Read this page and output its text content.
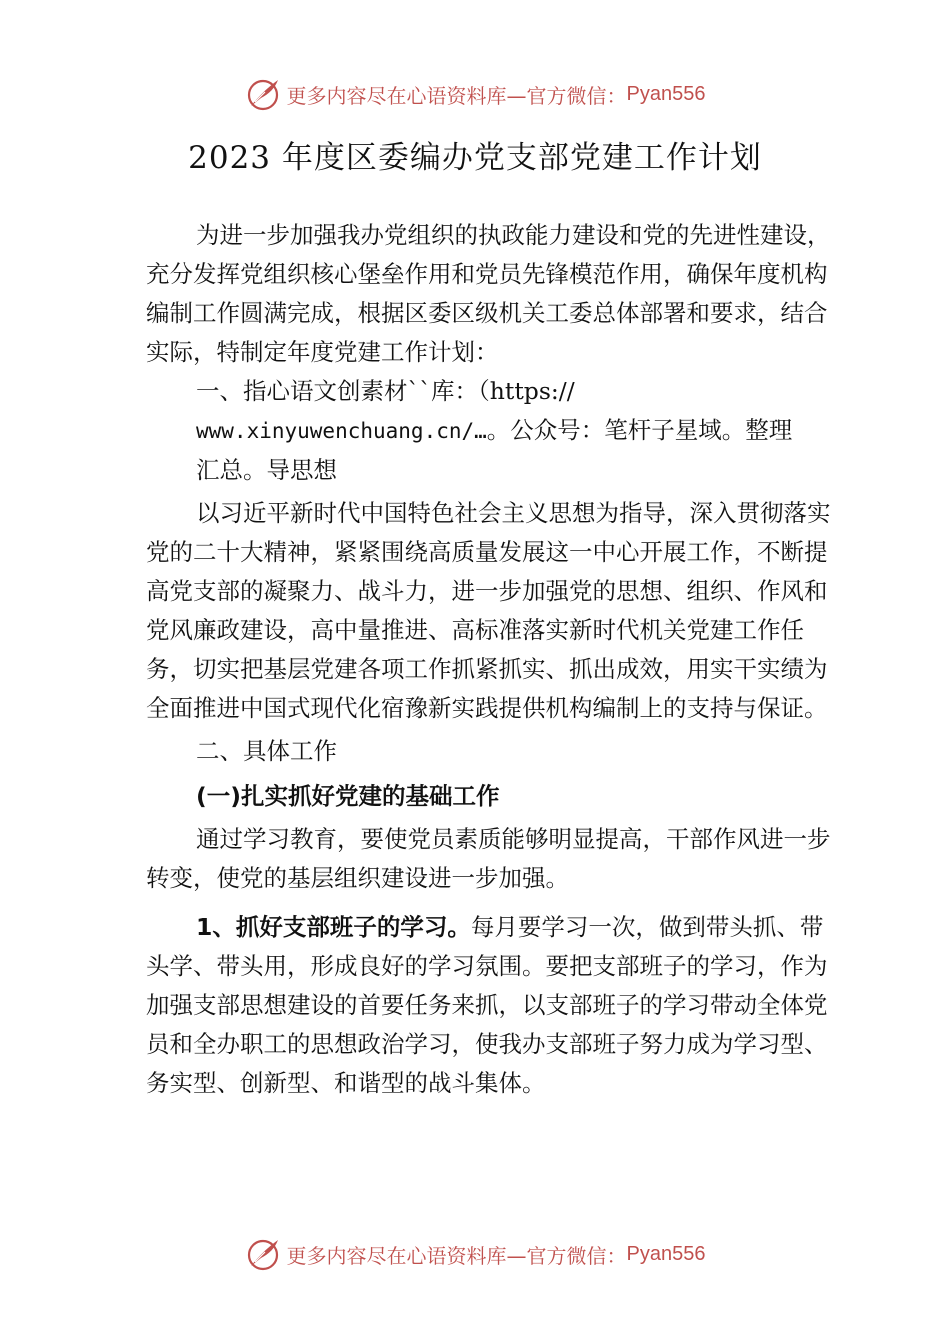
更多内容尽在心语资料库—官方微信： Pyan556
2023 年度区委编办党支部党建工作计划

为进一步加强我办党组织的执政能力建设和党的先进性建设，充分发挥党组织核心堡垒作用和党员先锋模范作用，确保年度机构编制工作圆满完成，根据区委区级机关工委总体部署和要求，结合实际，特制定年度党建工作计划：

一、指心语文创素材``库：（https://

www.xinyuwenchuang.cn/…。公众号：笔杆子星域。整理

汇总。导思想

以习近平新时代中国特色社会主义思想为指导，深入贯彻落实党的二十大精神，紧紧围绕高质量发展这一中心开展工作，不断提高党支部的凝聚力、战斗力，进一步加强党的思想、组织、作风和党风廉政建设，高中量推进、高标准落实新时代机关党建工作任务，切实把基层党建各项工作抓紧抓实、抓出成效，用实干实绩为全面推进中国式现代化宿豫新实践提供机构编制上的支持与保证。

二、具体工作

(一)扎实抓好党建的基础工作

通过学习教育，要使党员素质能够明显提高，干部作风进一步转变，使党的基层组织建设进一步加强。

1、抓好支部班子的学习。每月要学习一次，做到带头抓、带头学、带头用，形成良好的学习氛围。要把支部班子的学习，作为加强支部思想建设的首要任务来抓，以支部班子的学习带动全体党员和全办职工的思想政治学习，使我办支部班子努力成为学习型、务实型、创新型、和谐型的战斗集体。

更多内容尽在心语资料库—官方微信： Pyan556
